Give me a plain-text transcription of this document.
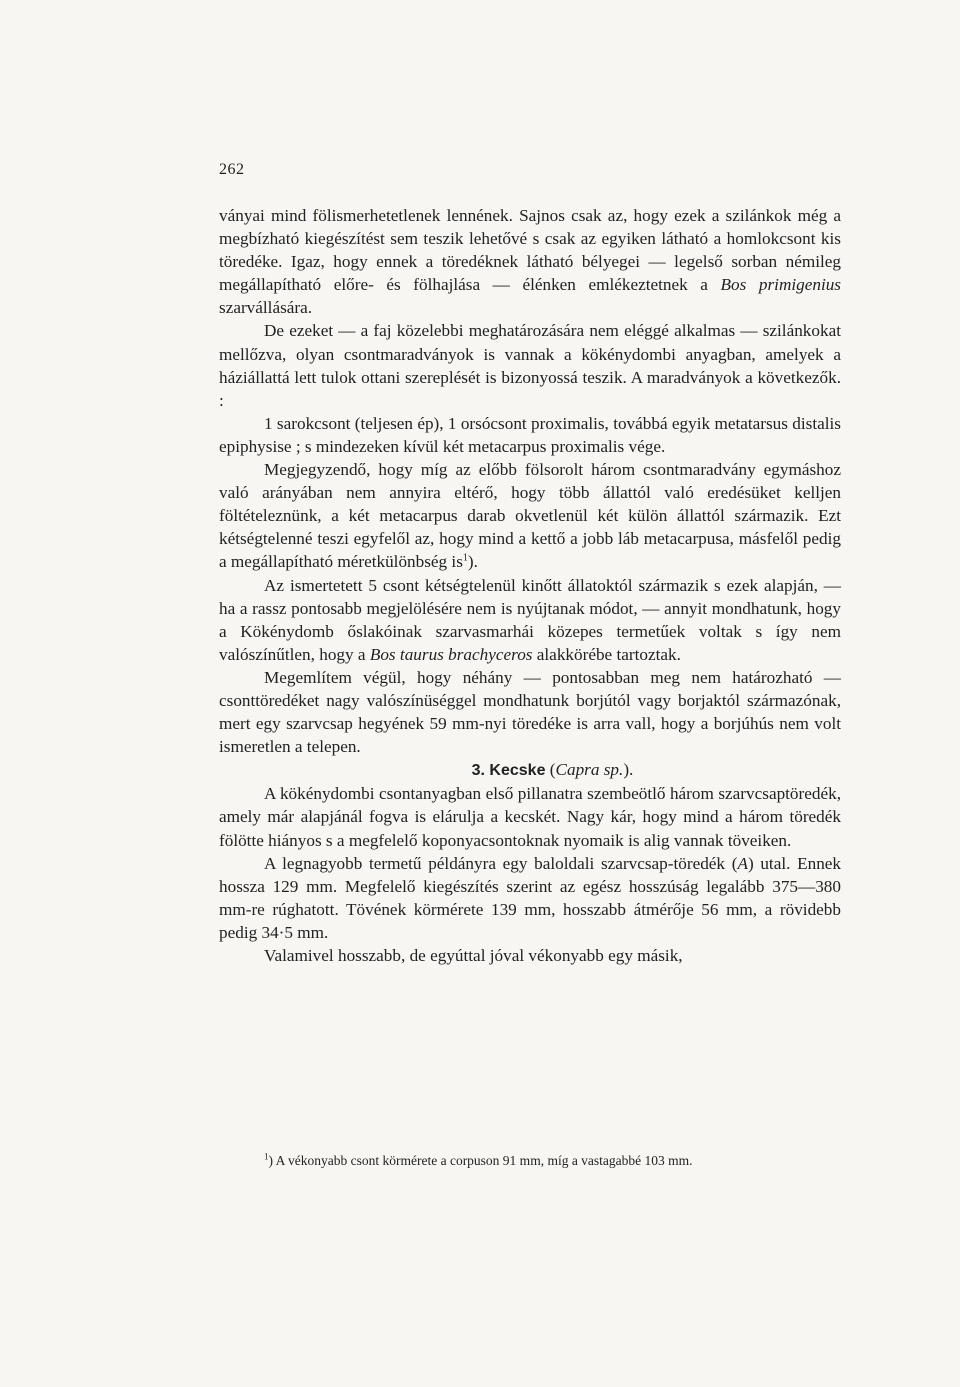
262

ványai mind fölismerhetetlenek lennének. Sajnos csak az, hogy ezek a szilánkok még a megbízható kiegészítést sem teszik lehetővé s csak az egyiken látható a homlokcsont kis töredéke. Igaz, hogy ennek a töredéknek látható bélyegei — legelső sorban némileg megállapítható előre- és fölhajlása — élénken emlékeztetnek a Bos primigenius szarvállására.

De ezeket — a faj közelebbi meghatározására nem eléggé alkalmas — szilánkokat mellőzva, olyan csontmaradványok is vannak a kökénydombi anyagban, amelyek a háziállattá lett tulok ottani szereplését is bizonyossá teszik. A maradványok a következők. :

1 sarokcsont (teljesen ép), 1 orsócsont proximalis, továbbá egyik metatarsus distalis epiphysise ; s mindezeken kívül két metacarpus proximalis vége.

Megjegyzendő, hogy míg az előbb fölsorolt három csontmaradvány egymáshoz való arányában nem annyira eltérő, hogy több állattól való eredésüket kelljen föltételeznünk, a két metacarpus darab okvetlenül két külön állattól származik. Ezt kétségtelenné teszi egyfelől az, hogy mind a kettő a jobb láb metacarpusa, másfelől pedig a megállapítható méretkülönbség $is^1$).

Az ismertetett 5 csont kétségtelenül kinőtt állatoktól származik s ezek alapján, — ha a rassz pontosabb megjelölésére nem is nyújtanak módot, — annyit mondhatunk, hogy a Kökénydomb őslakóinak szarvasmarhái közepes termetűek voltak s így nem valószínűtlen, hogy a Bos taurus brachyceros alakkörébe tartoztak.

Megemlítem végül, hogy néhány — pontosabban meg nem határozható — csonttöredéket nagy valószínüséggel mondhatunk borjútól vagy borjaktól származónak, mert egy szarvcsap hegyének 59 mm-nyi töredéke is arra vall, hogy a borjúhús nem volt ismeretlen a telepen.

3. Kecske (Capra sp.).

A kökénydombi csontanyagban első pillanatra szembeötlő három szarvcsaptöredék, amely már alapjánál fogva is elárulja a kecskét. Nagy kár, hogy mind a három töredék fölötte hiányos s a megfelelő koponyacsontoknak nyomaik is alig vannak töveiken.

A legnagyobb termetű példányra egy baloldali szarvcsap-töredék (A) utal. Ennek hossza 129 mm. Megfelelő kiegészítés szerint az egész hosszúság legalább 375—380 mm-re rúghatott. Tövének körmérete 139 mm, hosszabb átmérője 56 mm, a rövidebb pedig 34·5 mm.

Valamivel hosszabb, de egyúttal jóval vékonyabb egy másik,

$^1$) A vékonyabb csont körmérete a corpuson 91 mm, míg a vastagabbé 103 mm.
